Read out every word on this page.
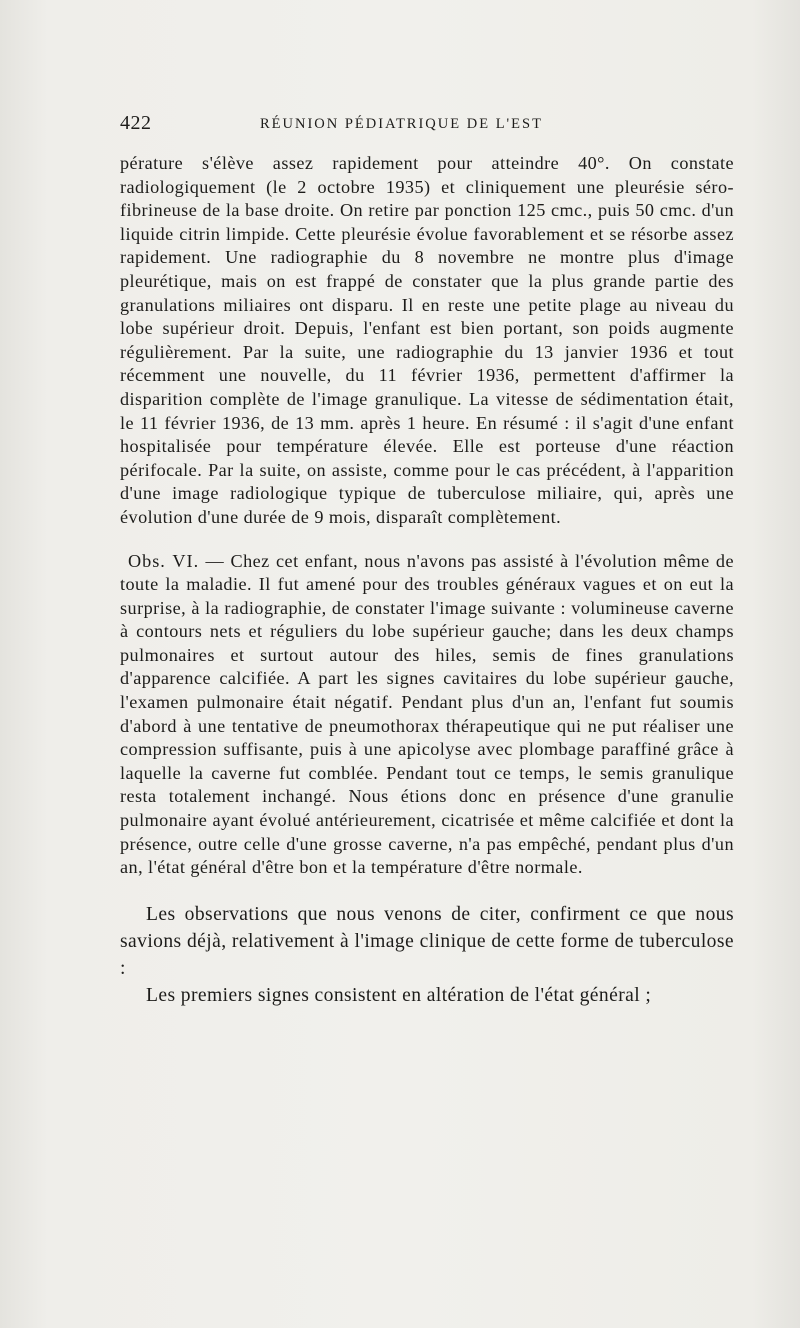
422	RÉUNION PÉDIATRIQUE DE L'EST

pérature s'élève assez rapidement pour atteindre 40°. On constate radiologiquement (le 2 octobre 1935) et cliniquement une pleurésie séro-fibrineuse de la base droite. On retire par ponction 125 cmc., puis 50 cmc. d'un liquide citrin limpide. Cette pleurésie évolue favorablement et se résorbe assez rapidement. Une radiographie du 8 novembre ne montre plus d'image pleurétique, mais on est frappé de constater que la plus grande partie des granulations miliaires ont disparu. Il en reste une petite plage au niveau du lobe supérieur droit. Depuis, l'enfant est bien portant, son poids augmente régulièrement. Par la suite, une radiographie du 13 janvier 1936 et tout récemment une nouvelle, du 11 février 1936, permettent d'affirmer la disparition complète de l'image granulique. La vitesse de sédimentation était, le 11 février 1936, de 13 mm. après 1 heure. En résumé : il s'agit d'une enfant hospitalisée pour température élevée. Elle est porteuse d'une réaction périfocale. Par la suite, on assiste, comme pour le cas précédent, à l'apparition d'une image radiologique typique de tuberculose miliaire, qui, après une évolution d'une durée de 9 mois, disparaît complètement.

Obs. VI. — Chez cet enfant, nous n'avons pas assisté à l'évolution même de toute la maladie. Il fut amené pour des troubles généraux vagues et on eut la surprise, à la radiographie, de constater l'image suivante : volumineuse caverne à contours nets et réguliers du lobe supérieur gauche; dans les deux champs pulmonaires et surtout autour des hiles, semis de fines granulations d'apparence calcifiée. A part les signes cavitaires du lobe supérieur gauche, l'examen pulmonaire était négatif. Pendant plus d'un an, l'enfant fut soumis d'abord à une tentative de pneumothorax thérapeutique qui ne put réaliser une compression suffisante, puis à une apicolyse avec plombage paraffiné grâce à laquelle la caverne fut comblée. Pendant tout ce temps, le semis granulique resta totalement inchangé. Nous étions donc en présence d'une granulie pulmonaire ayant évolué antérieurement, cicatrisée et même calcifiée et dont la présence, outre celle d'une grosse caverne, n'a pas empêché, pendant plus d'un an, l'état général d'être bon et la température d'être normale.

Les observations que nous venons de citer, confirment ce que nous savions déjà, relativement à l'image clinique de cette forme de tuberculose :

Les premiers signes consistent en altération de l'état général ;
